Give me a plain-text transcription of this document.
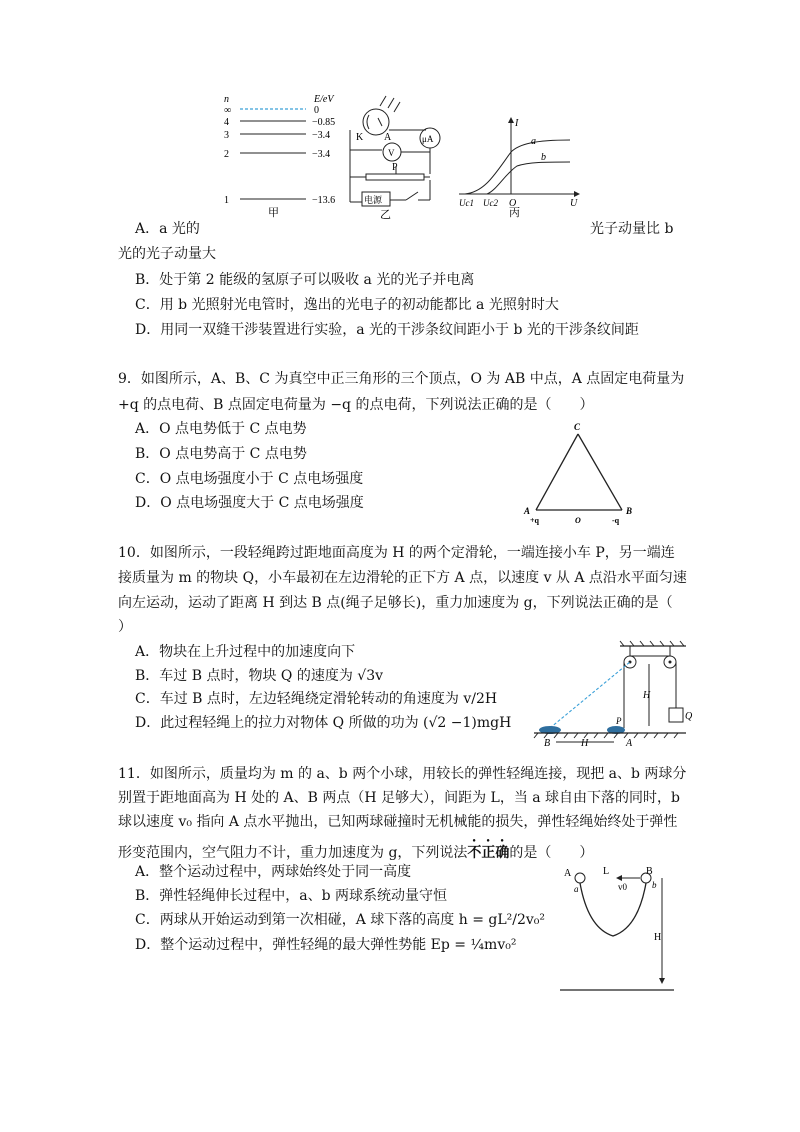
n	E/eV
∞	0
4	−0.85
3	−3.4
2	−3.4
1	−13.6
甲
K A	μA
V
P
电源
乙
I
U
O
Uc1 Uc2
a
b
丙
A．a 光的	光子动量比 b
光的光子动量大
B．处于第 2 能级的氢原子可以吸收 a 光的光子并电离
C．用 b 光照射光电管时，逸出的光电子的初动能都比 a 光照射时大
D．用同一双缝干涉装置进行实验，a 光的干涉条纹间距小于 b 光的干涉条纹间距
9．如图所示，A、B、C 为真空中正三角形的三个顶点，O 为 AB 中点，A 点固定电荷量为
+q 的点电荷、B 点固定电荷量为 −q 的点电荷，下列说法正确的是（　　）
A．O 点电势低于 C 点电势
B．O 点电势高于 C 点电势
C．O 点电场强度小于 C 点电场强度
D．O 点电场强度大于 C 点电场强度
C
A	B
+q	O	-q
10．如图所示，一段轻绳跨过距地面高度为 H 的两个定滑轮，一端连接小车 P，另一端连
接质量为 m 的物块 Q，小车最初在左边滑轮的正下方 A 点，以速度 v 从 A 点沿水平面匀速
向左运动，运动了距离 H 到达 B 点(绳子足够长)，重力加速度为 g，下列说法正确的是（
）
A．物块在上升过程中的加速度向下
B．车过 B 点时，物块 Q 的速度为 √3v
C．车过 B 点时，左边轻绳绕定滑轮转动的角速度为 v/2H
D．此过程轻绳上的拉力对物体 Q 所做的功为 (√2 −1)mgH	Q
H
P
B	H	A
11．如图所示，质量均为 m 的 a、b 两个小球，用较长的弹性轻绳连接，现把 a、b 两球分
别置于距地面高为 H 处的 A、B 两点（H 足够大），间距为 L，当 a 球自由下落的同时，b
球以速度 v₀ 指向 A 点水平抛出，已知两球碰撞时无机械能的损失，弹性轻绳始终处于弹性
形变范围内，空气阻力不计，重力加速度为 g，下列说法不正确的是（　　）
A．整个运动过程中，两球始终处于同一高度
B．弹性轻绳伸长过程中，a、b 两球系统动量守恒
C．两球从开始运动到第一次相碰，A 球下落的高度 h = gL²/2v₀²
D．整个运动过程中，弹性轻绳的最大弹性势能 Ep = ¼mv₀²
A
a
L	B
v0	b
H
